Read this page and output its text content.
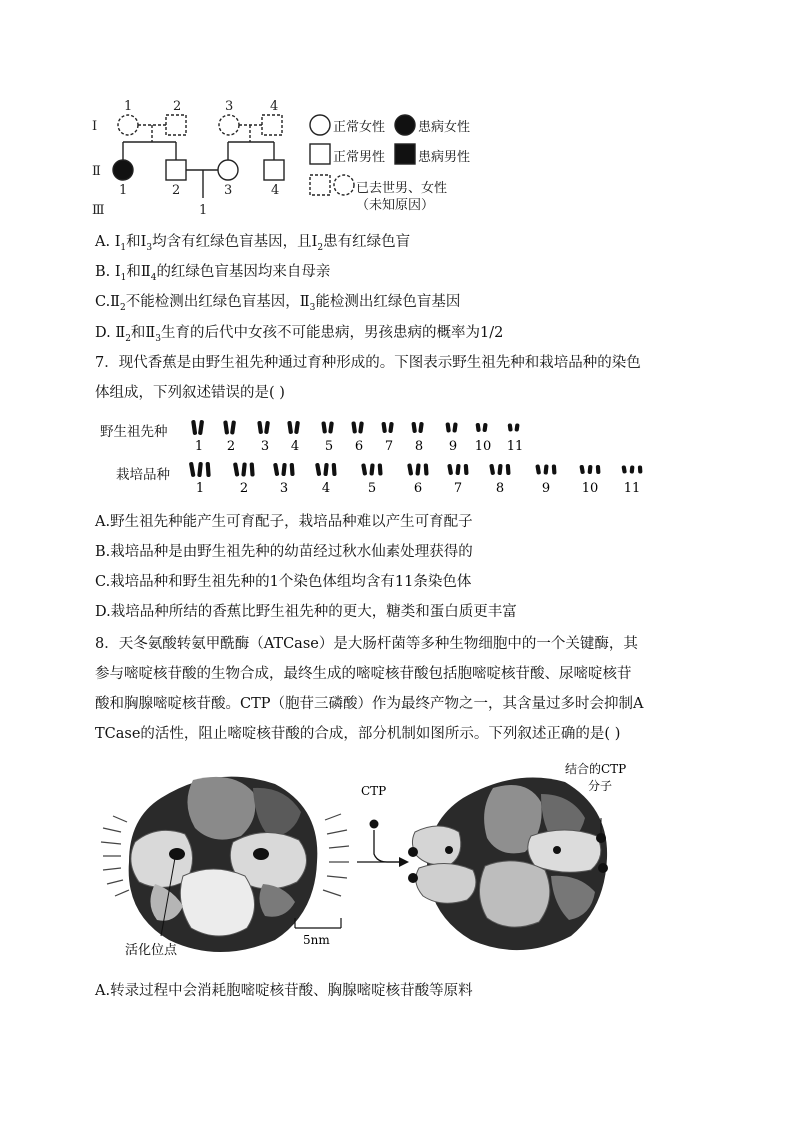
Ⅰ
Ⅱ
Ⅲ
1	2	3	4
1	2	3	4
1
正常女性	患病女性
正常男性	患病男性
已去世男、女性
（未知原因）
A. $Ⅰ_1$和$Ⅰ_3$均含有红绿色盲基因，且$Ⅰ_2$患有红绿色盲
B. $Ⅰ_1$和$Ⅱ_4$的红绿色盲基因均来自母亲
$C.Ⅱ_2$不能检测出红绿色盲基因，$Ⅱ_3$能检测出红绿色盲基因
D. $Ⅱ_2$和$Ⅱ_3$生育的后代中女孩不可能患病，男孩患病的概率为1/2
7．现代香蕉是由野生祖先种通过育种形成的。下图表示野生祖先种和栽培品种的染色
体组成，下列叙述错误的是( )
野生祖先种
栽培品种
1
1
2
2
3
3
4
4
5
5
6
6
7
7
8
8
9
9
10
10
11
11
A.野生祖先种能产生可育配子，栽培品种难以产生可育配子
B.栽培品种是由野生祖先种的幼苗经过秋水仙素处理获得的
C.栽培品种和野生祖先种的1个染色体组均含有11条染色体
D.栽培品种所结的香蕉比野生祖先种的更大，糖类和蛋白质更丰富
8．天冬氨酸转氨甲酰酶（ATCase）是大肠杆菌等多种生物细胞中的一个关键酶，其
参与嘧啶核苷酸的生物合成，最终生成的嘧啶核苷酸包括胞嘧啶核苷酸、尿嘧啶核苷
酸和胸腺嘧啶核苷酸。CTP（胞苷三磷酸）作为最终产物之一，其含量过多时会抑制A
TCase的活性，阻止嘧啶核苷酸的合成，部分机制如图所示。下列叙述正确的是( )
5nm
活化位点
CTP
结合的CTP
分子
A.转录过程中会消耗胞嘧啶核苷酸、胸腺嘧啶核苷酸等原料
